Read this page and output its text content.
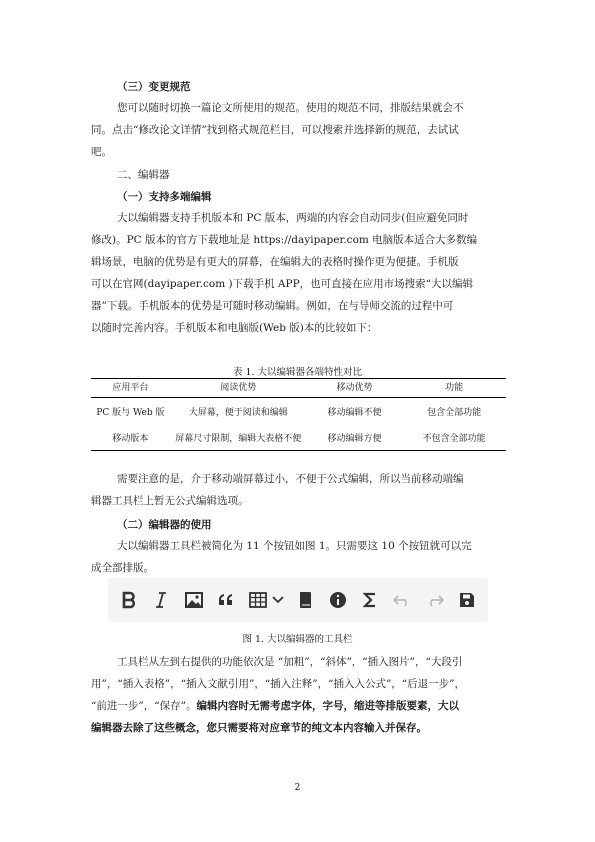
（三）变更规范
您可以随时切换一篇论文所使用的规范。使用的规范不同，排版结果就会不
同。点击“修改论文详情”找到格式规范栏目，可以搜索并选择新的规范，去试试
吧。
二、编辑器
（一）支持多端编辑
大以编辑器支持手机版本和 PC 版本，两端的内容会自动同步(但应避免同时
修改)。PC 版本的官方下载地址是 https://dayipaper.com 电脑版本适合大多数编
辑场景，电脑的优势是有更大的屏幕，在编辑大的表格时操作更为便捷。手机版
可以在官网(dayipaper.com )下载手机 APP，也可直接在应用市场搜索“大以编辑
器”下载。手机版本的优势是可随时移动编辑。例如，在与导师交流的过程中可
以随时完善内容。手机版本和电脑版(Web 版)本的比较如下：
表 1. 大以编辑器各端特性对比
应用平台	阅读优势	移动优势	功能
PC 版与 Web 版	大屏幕，便于阅读和编辑	移动编辑不便	包含全部功能
移动版本	屏幕尺寸限制，编辑大表格不便	移动编辑方便	不包含全部功能
需要注意的是，介于移动端屏幕过小，不便于公式编辑，所以当前移动端编
辑器工具栏上暂无公式编辑选项。
（二）编辑器的使用
大以编辑器工具栏被简化为 11 个按钮如图 1。只需要这 10 个按钮就可以完
成全部排版。
图 1. 大以编辑器的工具栏
工具栏从左到右提供的功能依次是 “加粗”，“斜体”，“插入图片”，“大段引
用”，“插入表格”，“插入文献引用”，“插入注释”，“插入入公式”，“后退一步”，
“前进一步”，“保存”。编辑内容时无需考虑字体，字号，缩进等排版要素，大以
编辑器去除了这些概念，您只需要将对应章节的纯文本内容输入并保存。
2
